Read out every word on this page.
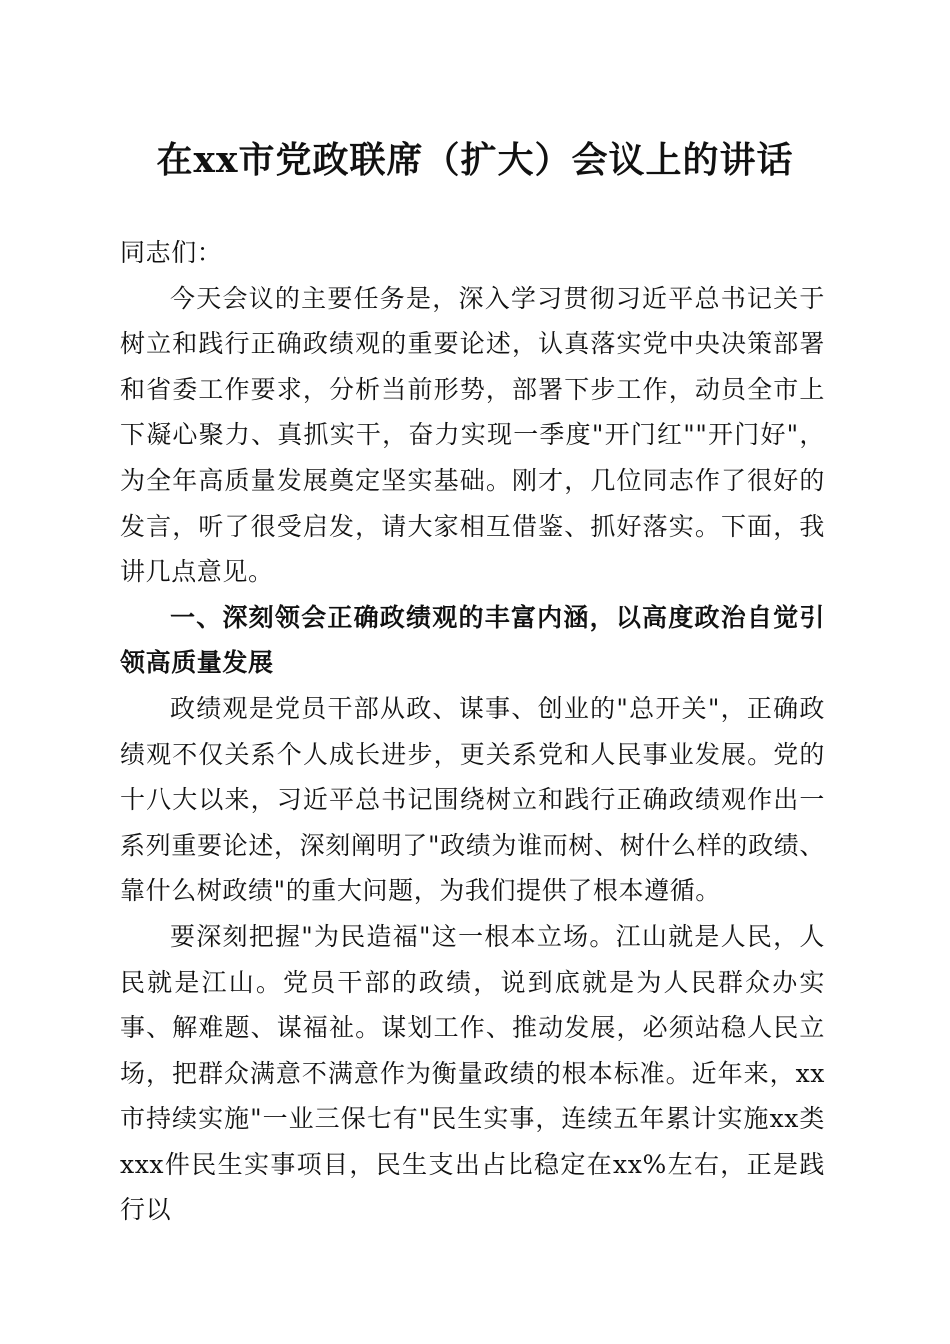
在xx市党政联席（扩大）会议上的讲话

同志们：

今天会议的主要任务是，深入学习贯彻习近平总书记关于树立和践行正确政绩观的重要论述，认真落实党中央决策部署和省委工作要求，分析当前形势，部署下步工作，动员全市上下凝心聚力、真抓实干，奋力实现一季度"开门红""开门好"，为全年高质量发展奠定坚实基础。刚才，几位同志作了很好的发言，听了很受启发，请大家相互借鉴、抓好落实。下面，我讲几点意见。

一、深刻领会正确政绩观的丰富内涵，以高度政治自觉引领高质量发展

政绩观是党员干部从政、谋事、创业的"总开关"，正确政绩观不仅关系个人成长进步，更关系党和人民事业发展。党的十八大以来，习近平总书记围绕树立和践行正确政绩观作出一系列重要论述，深刻阐明了"政绩为谁而树、树什么样的政绩、靠什么树政绩"的重大问题，为我们提供了根本遵循。

要深刻把握"为民造福"这一根本立场。江山就是人民，人民就是江山。党员干部的政绩，说到底就是为人民群众办实事、解难题、谋福祉。谋划工作、推动发展，必须站稳人民立场，把群众满意不满意作为衡量政绩的根本标准。近年来，xx市持续实施"一业三保七有"民生实事，连续五年累计实施xx类xxx件民生实事项目，民生支出占比稳定在xx%左右，正是践行以
